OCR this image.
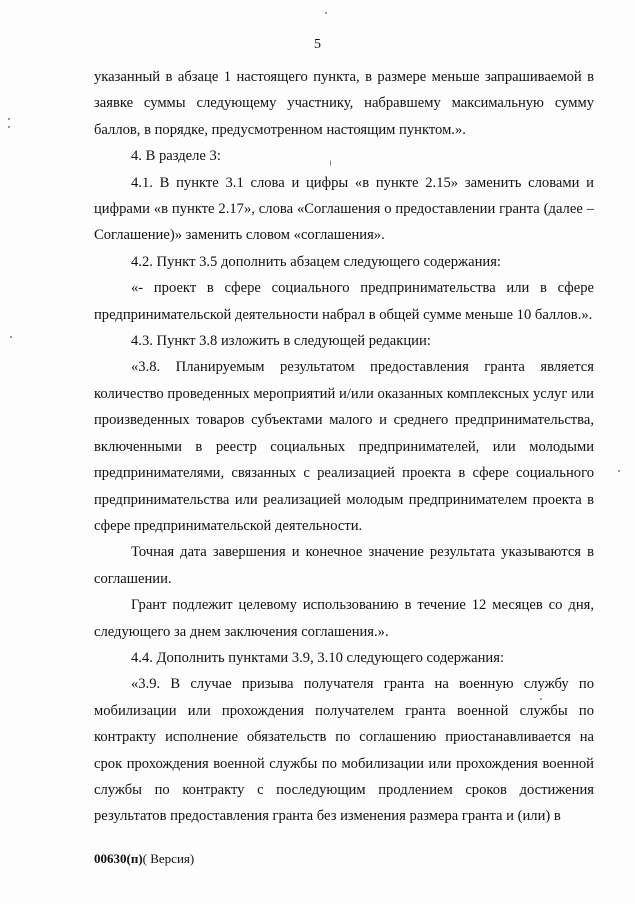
5

указанный в абзаце 1 настоящего пункта, в размере меньше запрашиваемой в заявке суммы следующему участнику, набравшему максимальную сумму баллов, в порядке, предусмотренном настоящим пунктом.».

4. В разделе 3:

4.1. В пункте 3.1 слова и цифры «в пункте 2.15» заменить словами и цифрами «в пункте 2.17», слова «Соглашения о предоставлении гранта (далее – Соглашение)» заменить словом «соглашения».

4.2. Пункт 3.5 дополнить абзацем следующего содержания:

«- проект в сфере социального предпринимательства или в сфере предпринимательской деятельности набрал в общей сумме меньше 10 баллов.».

4.3. Пункт 3.8 изложить в следующей редакции:

«3.8. Планируемым результатом предоставления гранта является количество проведенных мероприятий и/или оказанных комплексных услуг или произведенных товаров субъектами малого и среднего предпринимательства, включенными в реестр социальных предпринимателей, или молодыми предпринимателями, связанных с реализацией проекта в сфере социального предпринимательства или реализацией молодым предпринимателем проекта в сфере предпринимательской деятельности.

Точная дата завершения и конечное значение результата указываются в соглашении.

Грант подлежит целевому использованию в течение 12 месяцев со дня, следующего за днем заключения соглашения.».

4.4. Дополнить пунктами 3.9, 3.10 следующего содержания:

«3.9. В случае призыва получателя гранта на военную службу по мобилизации или прохождения получателем гранта военной службы по контракту исполнение обязательств по соглашению приостанавливается на срок прохождения военной службы по мобилизации или прохождения военной службы по контракту с последующим продлением сроков достижения результатов предоставления гранта без изменения размера гранта и (или) в

00630(п)( Версия)
